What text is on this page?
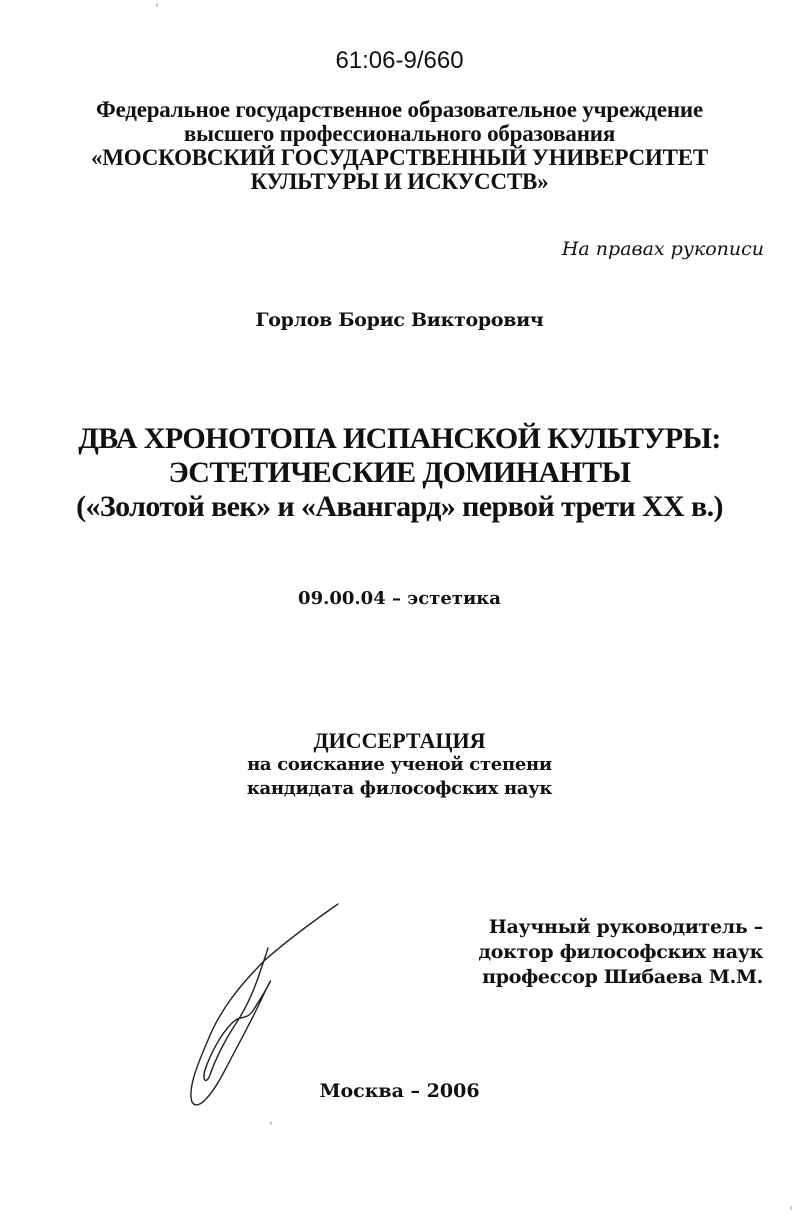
61:06-9/660
Федеральное государственное образовательное учреждение
высшего профессионального образования
«МОСКОВСКИЙ ГОСУДАРСТВЕННЫЙ УНИВЕРСИТЕТ
КУЛЬТУРЫ И ИСКУССТВ»
На правах рукописи
Горлов Борис Викторович
ДВА ХРОНОТОПА ИСПАНСКОЙ КУЛЬТУРЫ:
ЭСТЕТИЧЕСКИЕ ДОМИНАНТЫ
(«Золотой век» и «Авангард» первой трети ХХ в.)
09.00.04 – эстетика
ДИССЕРТАЦИЯ
на соискание ученой степени
кандидата философских наук
Научный руководитель –
доктор философских наук
профессор Шибаева М.М.
Москва – 2006
